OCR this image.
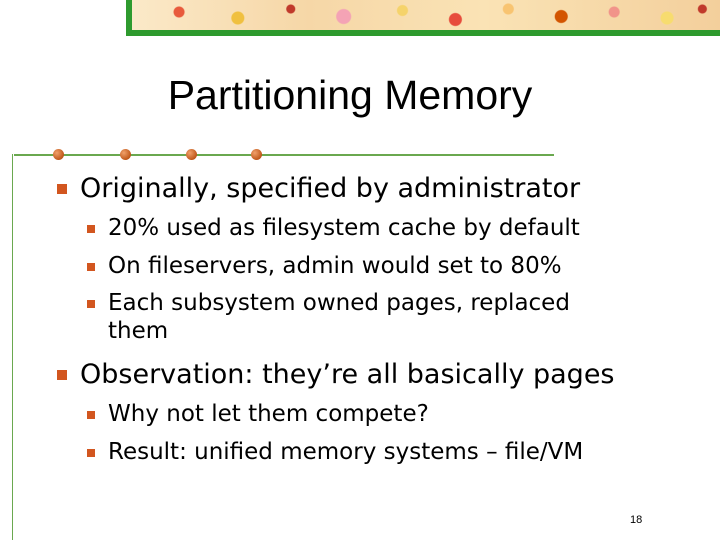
Partitioning Memory
Originally, specified by administrator
20% used as filesystem cache by default
On fileservers, admin would set to 80%
Each subsystem owned pages, replaced
them
Observation: they’re all basically pages
Why not let them compete?
Result: unified memory systems – file/VM
18
